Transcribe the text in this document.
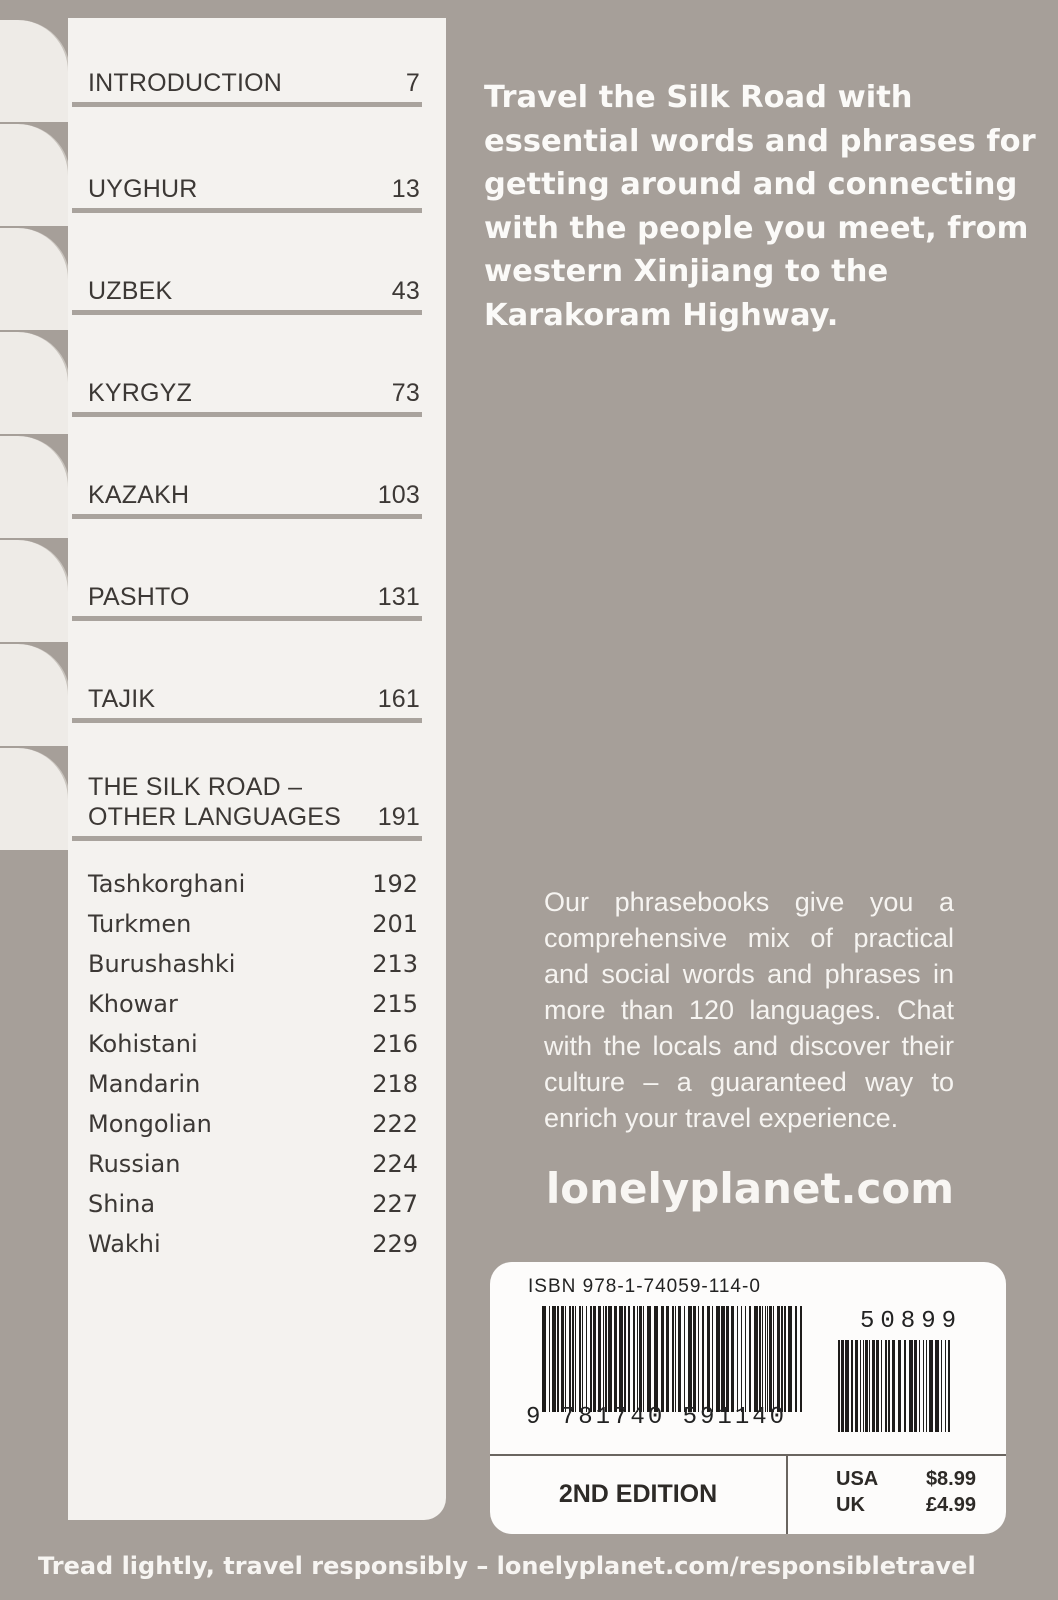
INTRODUCTION	7
UYGHUR	13
UZBEK	43
KYRGYZ	73
KAZAKH	103
PASHTO	131
TAJIK	161
THE SILK ROAD –
OTHER LANGUAGES 191
Tashkorghani	192
Turkmen	201
Burushashki	213
Khowar	215
Kohistani	216
Mandarin	218
Mongolian	222
Russian	224
Shina	227
Wakhi	229
Travel the Silk Road with essential words and phrases for getting around and connecting with the people you meet, from western Xinjiang to the Karakoram Highway.
Our phrasebooks give you a comprehensive mix of practical and social words and phrases in more than 120 languages. Chat with the locals and discover their culture – a guaranteed way to enrich your travel experience.
lonelyplanet.com
ISBN 978-1-74059-114-0
9 781740 591140
50899
2ND EDITION
USA $8.99
UK	£4.99
Tread lightly, travel responsibly – lonelyplanet.com/responsibletravel
